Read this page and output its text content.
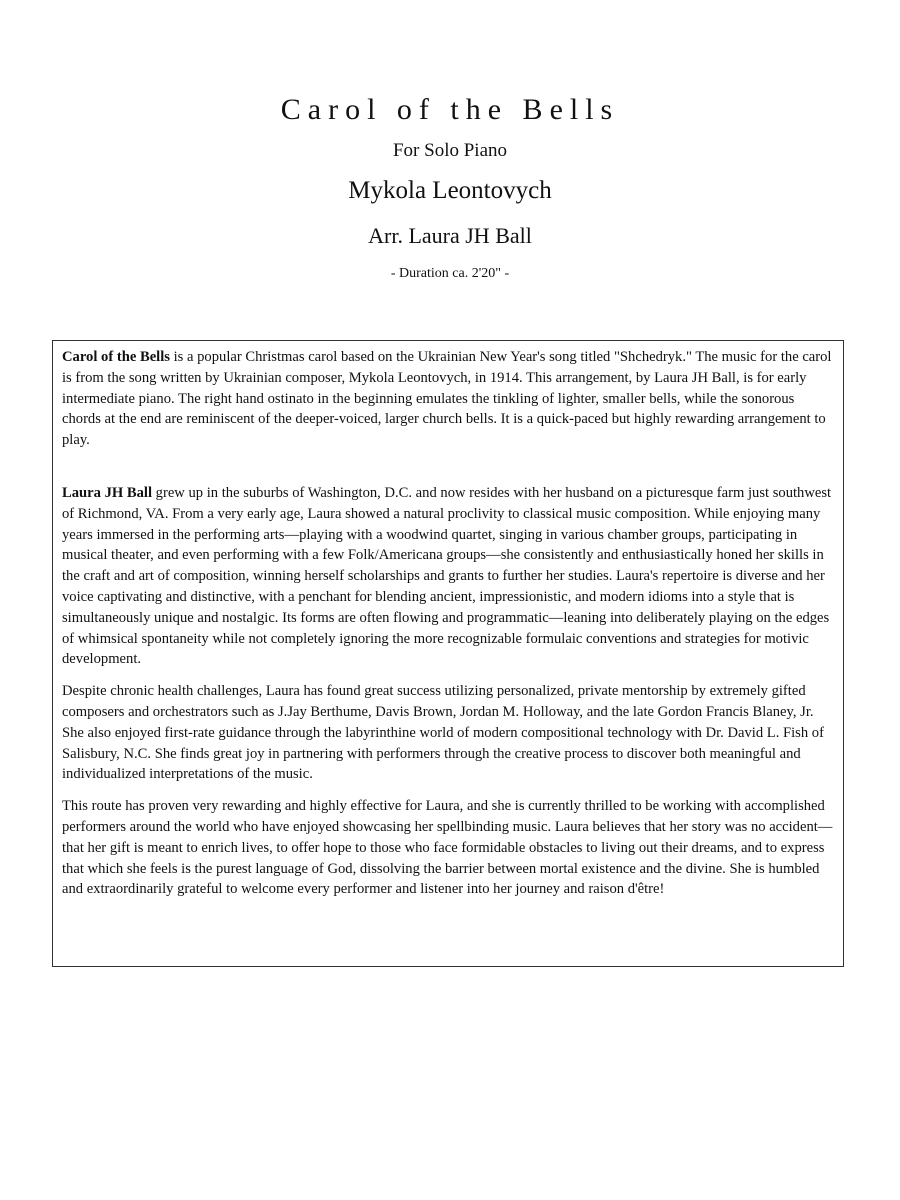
Carol of the Bells
For Solo Piano
Mykola Leontovych
Arr. Laura JH Ball
- Duration ca. 2'20" -

Carol of the Bells is a popular Christmas carol based on the Ukrainian New Year's song titled "Shchedryk." The music for the carol is from the song written by Ukrainian composer, Mykola Leontovych, in 1914. This arrangement, by Laura JH Ball, is for early intermediate piano. The right hand ostinato in the beginning emulates the tinkling of lighter, smaller bells, while the sonorous chords at the end are reminiscent of the deeper-voiced, larger church bells. It is a quick-paced but highly rewarding arrangement to play.

Laura JH Ball grew up in the suburbs of Washington, D.C. and now resides with her husband on a picturesque farm just southwest of Richmond, VA. From a very early age, Laura showed a natural proclivity to classical music composition. While enjoying many years immersed in the performing arts—playing with a woodwind quartet, singing in various chamber groups, participating in musical theater, and even performing with a few Folk/Americana groups—she consistently and enthusiastically honed her skills in the craft and art of composition, winning herself scholarships and grants to further her studies. Laura's repertoire is diverse and her voice captivating and distinctive, with a penchant for blending ancient, impressionistic, and modern idioms into a style that is simultaneously unique and nostalgic. Its forms are often flowing and programmatic—leaning into deliberately playing on the edges of whimsical spontaneity while not completely ignoring the more recognizable formulaic conventions and strategies for motivic development.

Despite chronic health challenges, Laura has found great success utilizing personalized, private mentorship by extremely gifted composers and orchestrators such as J.Jay Berthume, Davis Brown, Jordan M. Holloway, and the late Gordon Francis Blaney, Jr. She also enjoyed first-rate guidance through the labyrinthine world of modern compositional technology with Dr. David L. Fish of Salisbury, N.C. She finds great joy in partnering with performers through the creative process to discover both meaningful and individualized interpretations of the music.

This route has proven very rewarding and highly effective for Laura, and she is currently thrilled to be working with accomplished performers around the world who have enjoyed showcasing her spellbinding music. Laura believes that her story was no accident—that her gift is meant to enrich lives, to offer hope to those who face formidable obstacles to living out their dreams, and to express that which she feels is the purest language of God, dissolving the barrier between mortal existence and the divine. She is humbled and extraordinarily grateful to welcome every performer and listener into her journey and raison d'être!
